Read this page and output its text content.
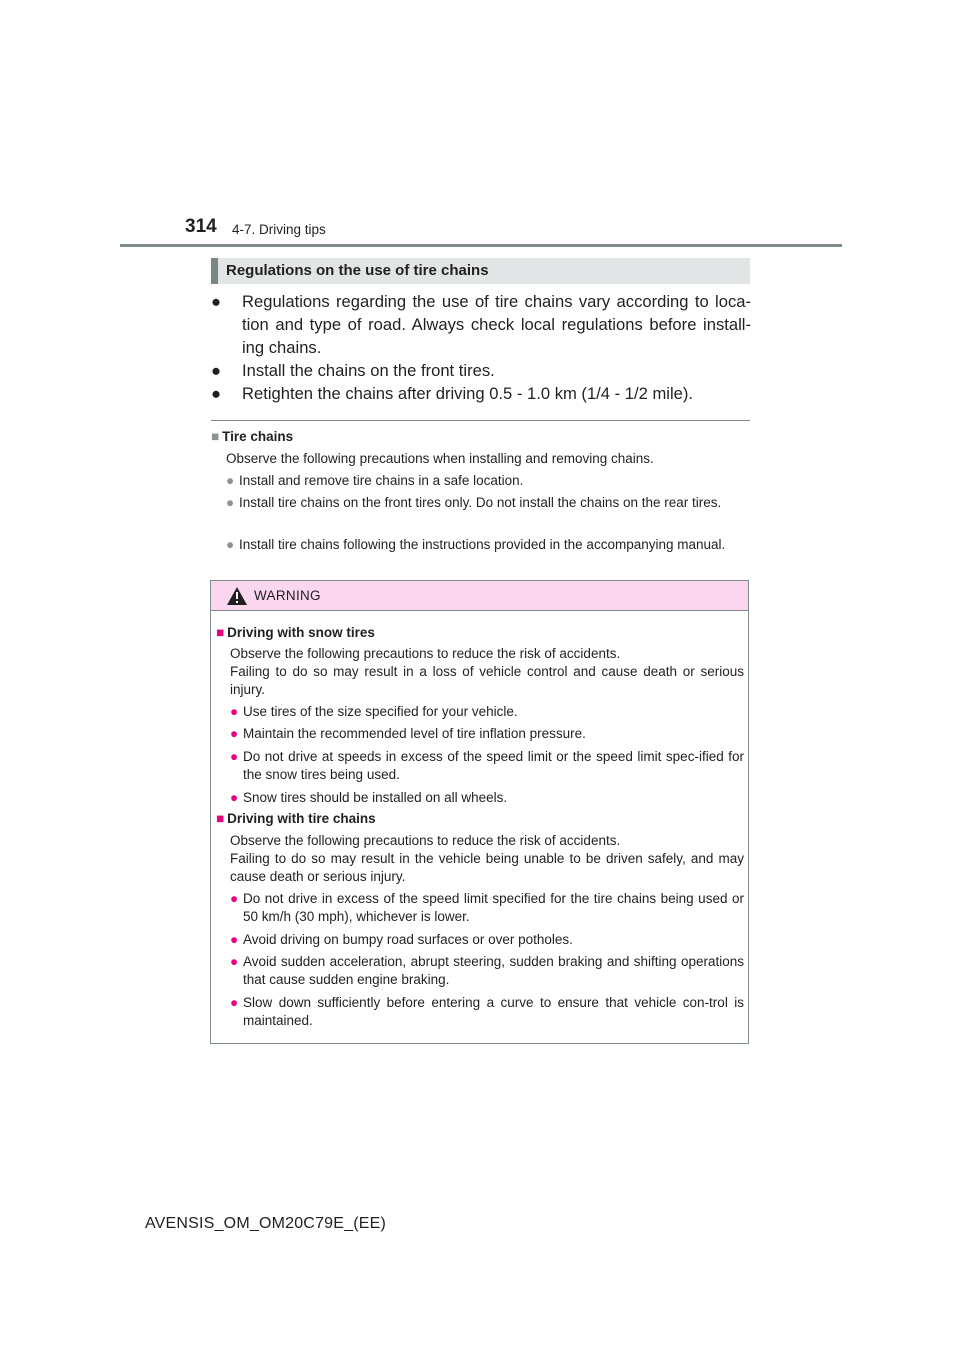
314 4-7. Driving tips
Regulations on the use of tire chains
● Regulations regarding the use of tire chains vary according to loca-tion and type of road. Always check local regulations before install-ing chains.
● Install the chains on the front tires.
● Retighten the chains after driving 0.5 - 1.0 km (1/4 - 1/2 mile).
■ Tire chains
Observe the following precautions when installing and removing chains.
● Install and remove tire chains in a safe location.
● Install tire chains on the front tires only. Do not install the chains on the rear tires.
● Install tire chains following the instructions provided in the accompanying manual.
WARNING
■ Driving with snow tires
Observe the following precautions to reduce the risk of accidents.
Failing to do so may result in a loss of vehicle control and cause death or serious injury.
● Use tires of the size specified for your vehicle.
● Maintain the recommended level of tire inflation pressure.
● Do not drive at speeds in excess of the speed limit or the speed limit spec-ified for the snow tires being used.
● Snow tires should be installed on all wheels.
■ Driving with tire chains
Observe the following precautions to reduce the risk of accidents.
Failing to do so may result in the vehicle being unable to be driven safely, and may cause death or serious injury.
● Do not drive in excess of the speed limit specified for the tire chains being used or 50 km/h (30 mph), whichever is lower.
● Avoid driving on bumpy road surfaces or over potholes.
● Avoid sudden acceleration, abrupt steering, sudden braking and shifting operations that cause sudden engine braking.
● Slow down sufficiently before entering a curve to ensure that vehicle con-trol is maintained.
AVENSIS_OM_OM20C79E_(EE)
